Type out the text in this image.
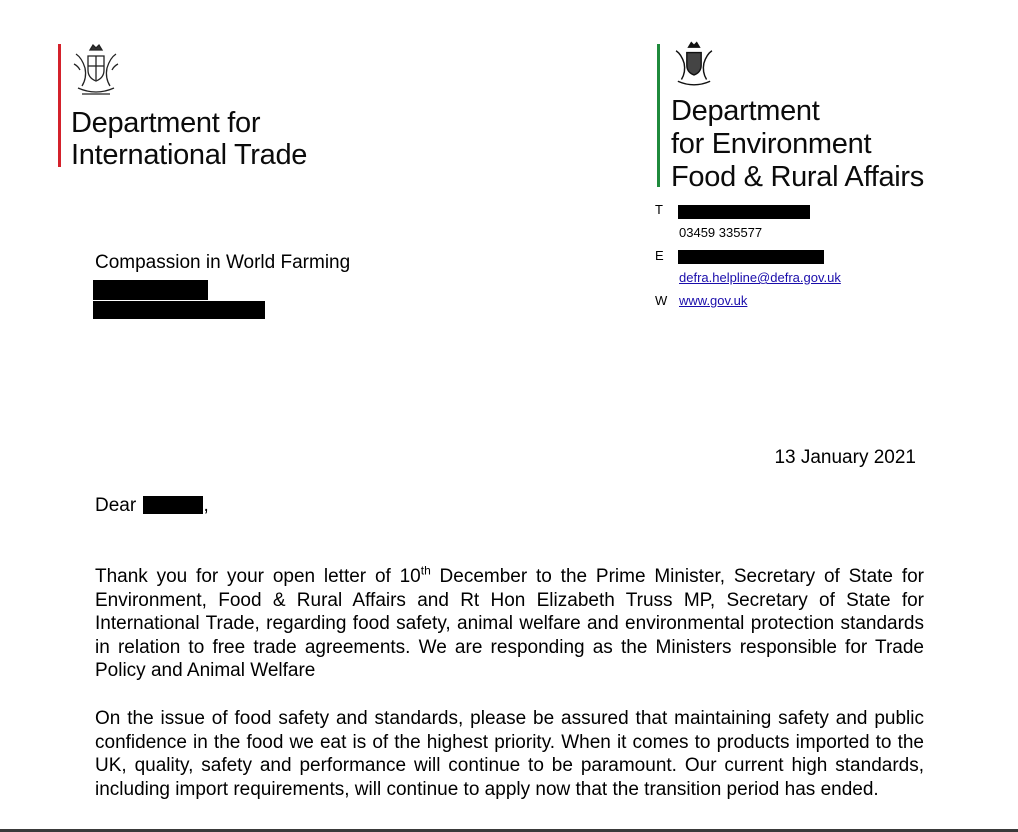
Department for
International Trade
Department
for Environment
Food & Rural Affairs
T
03459 335577
E
defra.helpline@defra.gov.uk
W www.gov.uk
Compassion in World Farming
13 January 2021
Dear	,

Thank you for your open letter of 10th December to the Prime Minister, Secretary of State for Environment, Food & Rural Affairs and Rt Hon Elizabeth Truss MP, Secretary of State for International Trade, regarding food safety, animal welfare and environmental protection standards in relation to free trade agreements. We are responding as the Ministers responsible for Trade Policy and Animal Welfare

On the issue of food safety and standards, please be assured that maintaining safety and public confidence in the food we eat is of the highest priority. When it comes to products imported to the UK, quality, safety and performance will continue to be paramount. Our current high standards, including import requirements, will continue to apply now that the transition period has ended.
